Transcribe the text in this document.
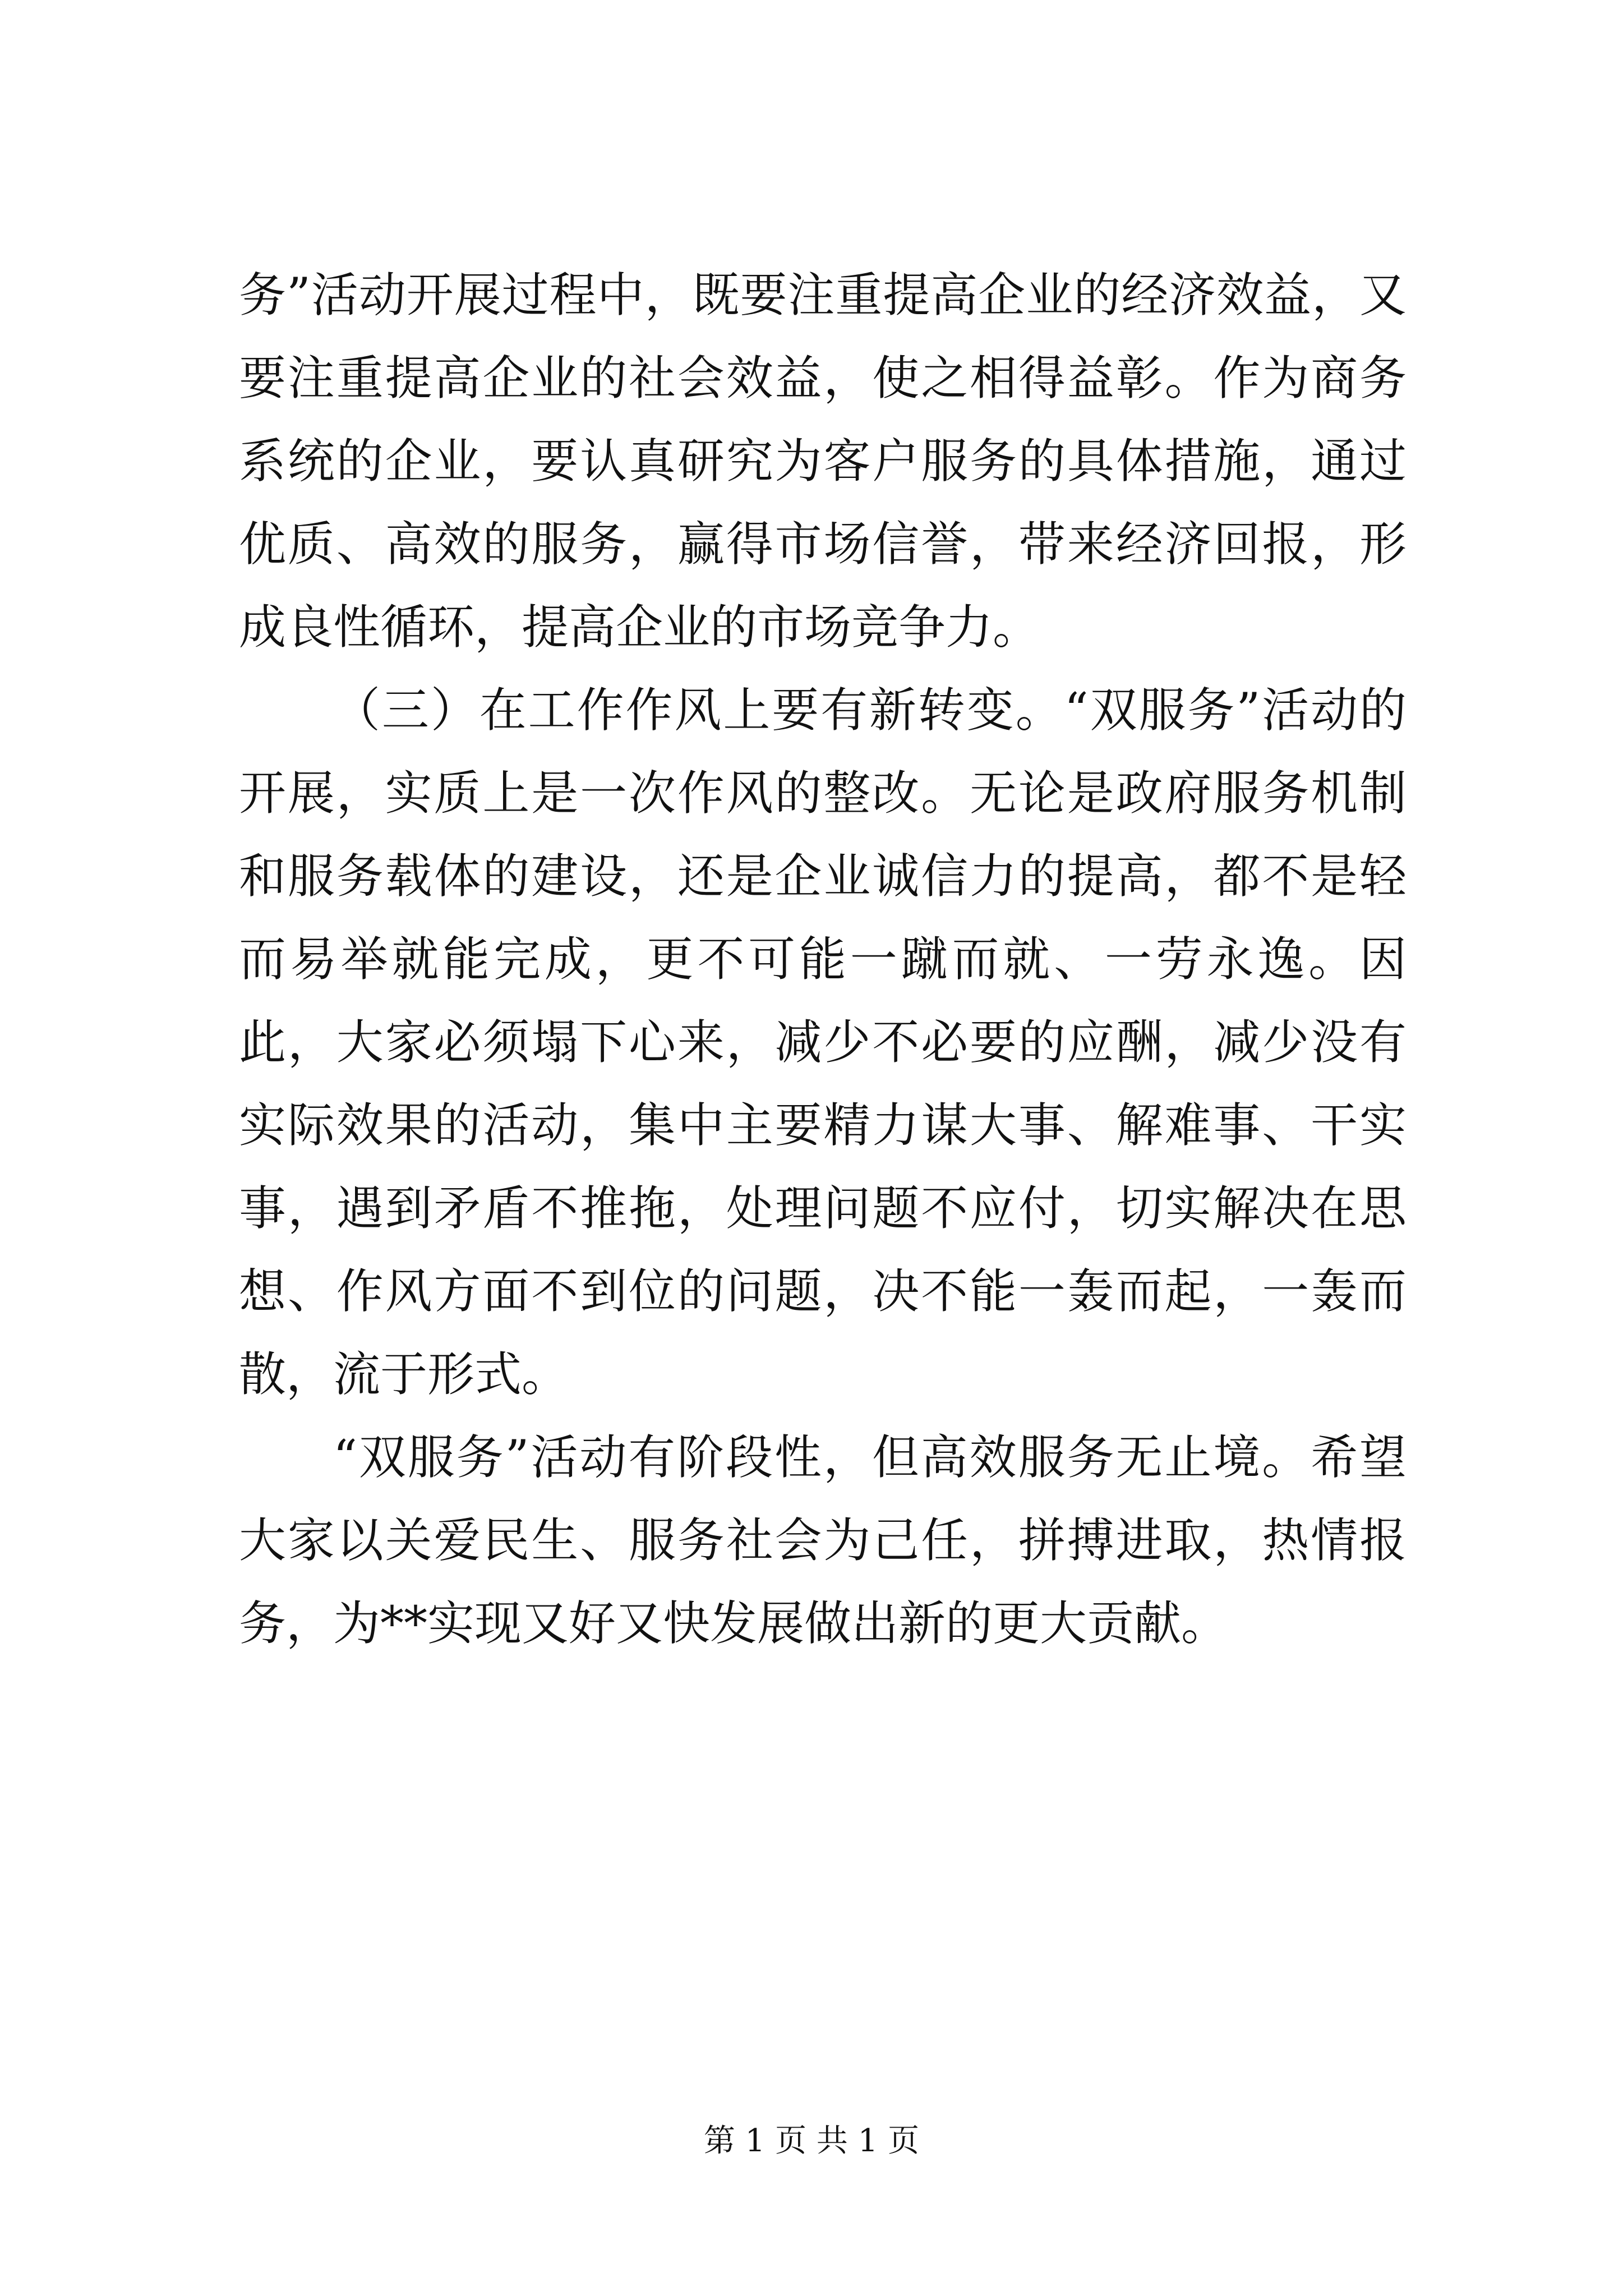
务”活动开展过程中，既要注重提高企业的经济效益，又要注重提高企业的社会效益，使之相得益彰。作为商务系统的企业，要认真研究为客户服务的具体措施，通过优质、高效的服务，赢得市场信誉，带来经济回报，形成良性循环，提高企业的市场竞争力。

（三）在工作作风上要有新转变。“双服务”活动的开展，实质上是一次作风的整改。无论是政府服务机制和服务载体的建设，还是企业诚信力的提高，都不是轻而易举就能完成，更不可能一蹴而就、一劳永逸。因此，大家必须塌下心来，减少不必要的应酬，减少没有实际效果的活动，集中主要精力谋大事、解难事、干实事，遇到矛盾不推拖，处理问题不应付，切实解决在思想、作风方面不到位的问题，决不能一轰而起，一轰而散，流于形式。

“双服务”活动有阶段性，但高效服务无止境。希望大家以关爱民生、服务社会为己任，拼搏进取，热情报务，为**实现又好又快发展做出新的更大贡献。

第 1 页 共 1 页
